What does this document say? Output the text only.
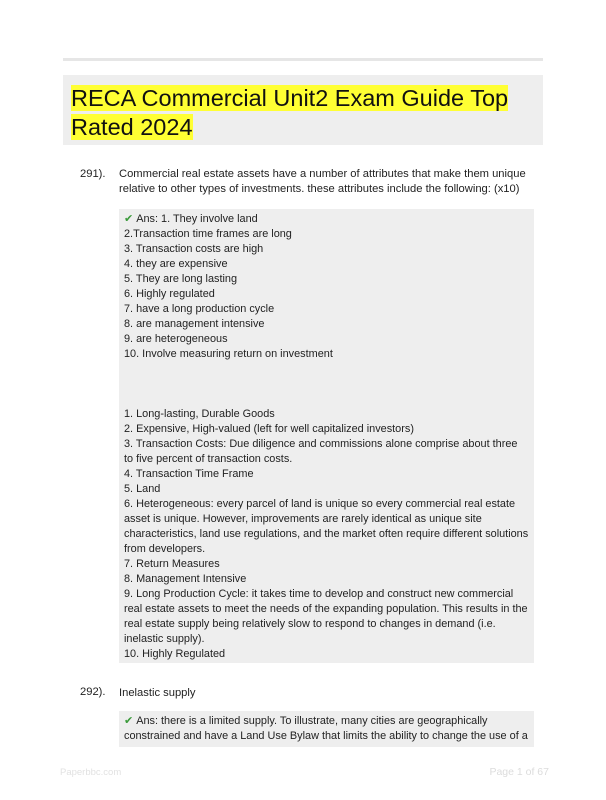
RECA Commercial Unit2 Exam Guide Top Rated 2024
291). Commercial real estate assets have a number of attributes that make them unique relative to other types of investments. these attributes include the following: (x10)
✔ Ans: 1. They involve land
2.Transaction time frames are long
3. Transaction costs are high
4. they are expensive
5. They are long lasting
6. Highly regulated
7. have a long production cycle
8. are management intensive
9. are heterogeneous
10. Involve measuring return on investment
1. Long-lasting, Durable Goods
2. Expensive, High-valued (left for well capitalized investors)
3. Transaction Costs: Due diligence and commissions alone comprise about three to five percent of transaction costs.
4. Transaction Time Frame
5. Land
6. Heterogeneous: every parcel of land is unique so every commercial real estate asset is unique. However, improvements are rarely identical as unique site characteristics, land use regulations, and the market often require different solutions from developers.
7. Return Measures
8. Management Intensive
9. Long Production Cycle: it takes time to develop and construct new commercial real estate assets to meet the needs of the expanding population. This results in the real estate supply being relatively slow to respond to changes in demand (i.e. inelastic supply).
10. Highly Regulated
292). Inelastic supply
✔ Ans: there is a limited supply. To illustrate, many cities are geographically constrained and have a Land Use Bylaw that limits the ability to change the use of a
Paperbbc.com	Page 1 of 67
